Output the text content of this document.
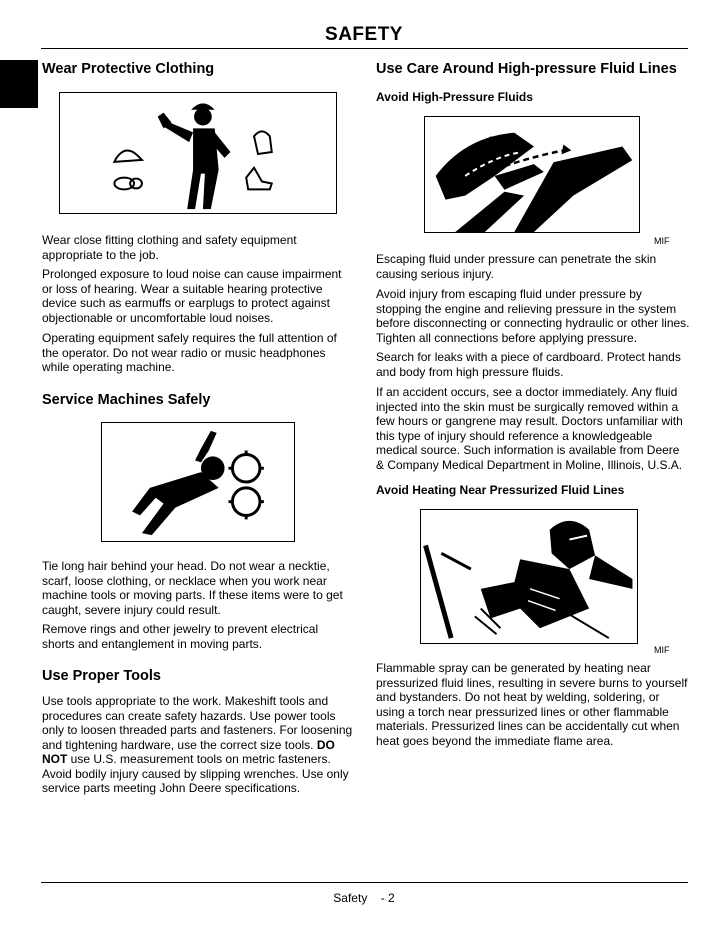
SAFETY
Wear Protective Clothing

Wear close fitting clothing and safety equipment appropriate to the job.

Prolonged exposure to loud noise can cause impairment or loss of hearing. Wear a suitable hearing protective device such as earmuffs or earplugs to protect against objectionable or uncomfortable loud noises.

Operating equipment safely requires the full attention of the operator. Do not wear radio or music headphones while operating machine.

Service Machines Safely

Tie long hair behind your head. Do not wear a necktie, scarf, loose clothing, or necklace when you work near machine tools or moving parts. If these items were to get caught, severe injury could result.

Remove rings and other jewelry to prevent electrical shorts and entanglement in moving parts.

Use Proper Tools

Use tools appropriate to the work. Makeshift tools and procedures can create safety hazards. Use power tools only to loosen threaded parts and fasteners. For loosening and tightening hardware, use the correct size tools. DO NOT use U.S. measurement tools on metric fasteners. Avoid bodily injury caused by slipping wrenches. Use only service parts meeting John Deere specifications.

Use Care Around High-pressure Fluid Lines
Avoid High-Pressure Fluids
MIF

Escaping fluid under pressure can penetrate the skin causing serious injury.

Avoid injury from escaping fluid under pressure by stopping the engine and relieving pressure in the system before disconnecting or connecting hydraulic or other lines. Tighten all connections before applying pressure.

Search for leaks with a piece of cardboard. Protect hands and body from high pressure fluids.

If an accident occurs, see a doctor immediately. Any fluid injected into the skin must be surgically removed within a few hours or gangrene may result. Doctors unfamiliar with this type of injury should reference a knowledgeable medical source. Such information is available from Deere & Company Medical Department in Moline, Illinois, U.S.A.

Avoid Heating Near Pressurized Fluid Lines
MIF

Flammable spray can be generated by heating near pressurized fluid lines, resulting in severe burns to yourself and bystanders. Do not heat by welding, soldering, or using a torch near pressurized lines or other flammable materials. Pressurized lines can be accidentally cut when heat goes beyond the immediate flame area.

Safety - 2
